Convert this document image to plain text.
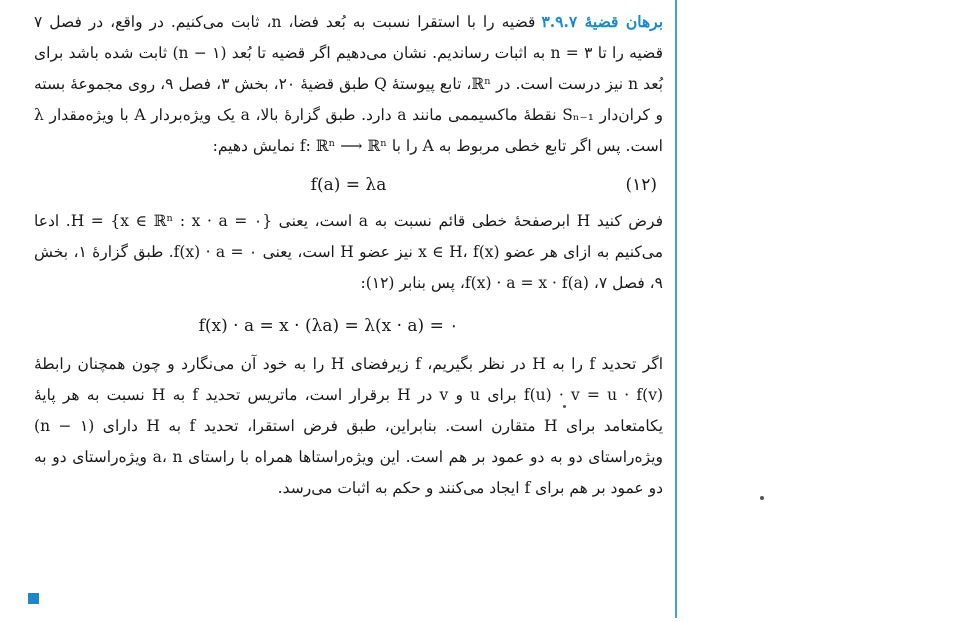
برهان قضیهٔ ۳.۹.۷قضیه را با استقرا نسبت به بُعد فضا، n، ثابت می‌کنیم. در واقع، در فصل ۷ قضیه را تا n = ۳ به اثبات رساندیم. نشان می‌دهیم اگر قضیه تا بُعد (n − ۱) ثابت شده باشد برای بُعد n نیز درست است. در ℝⁿ، تابع پیوستهٔ Q طبق قضیهٔ ۲۰، بخش ۳، فصل ۹، روی مجموعهٔ بسته و کران‌دار Sₙ₋₁ نقطهٔ ماکسیممی مانند a دارد. طبق گزارهٔ بالا، a یک ویژه‌بردار A با ویژه‌مقدار λ است. پس اگر تابع خطی مربوط به A را با f: ℝⁿ ⟶ ℝⁿ نمایش دهیم:

f(a) = λa	(۱۲)

فرض کنید H ابرصفحهٔ خطی قائم نسبت به a است، یعنی H = {x ∈ ℝⁿ : x · a = ۰}. ادعا می‌کنیم به ازای هر عضو x ∈ H، f(x) نیز عضو H است، یعنی f(x) · a = ۰. طبق گزارهٔ ۱، بخش ۹، فصل ۷، f(x) · a = x · f(a)، پس بنابر (۱۲):

f(x) · a = x · (λa) = λ(x · a) = ۰

اگر تحدید f را به H در نظر بگیریم، f زیرفضای H را به خود آن می‌نگارد و چون همچنان رابطهٔ f(u) · v = u · f(v) برای u و v در H برقرار است، ماتریس تحدید f به H نسبت به هر پایهٔ یکامتعامد برای H متقارن است. بنابراین، طبق فرض استقرا، تحدید f به H دارای (n − ۱) ویژه‌راستای دو به دو عمود بر هم است. این ویژه‌راستاها همراه با راستای a، n ویژه‌راستای دو به دو عمود بر هم برای f ایجاد می‌کنند و حکم به اثبات می‌رسد.
